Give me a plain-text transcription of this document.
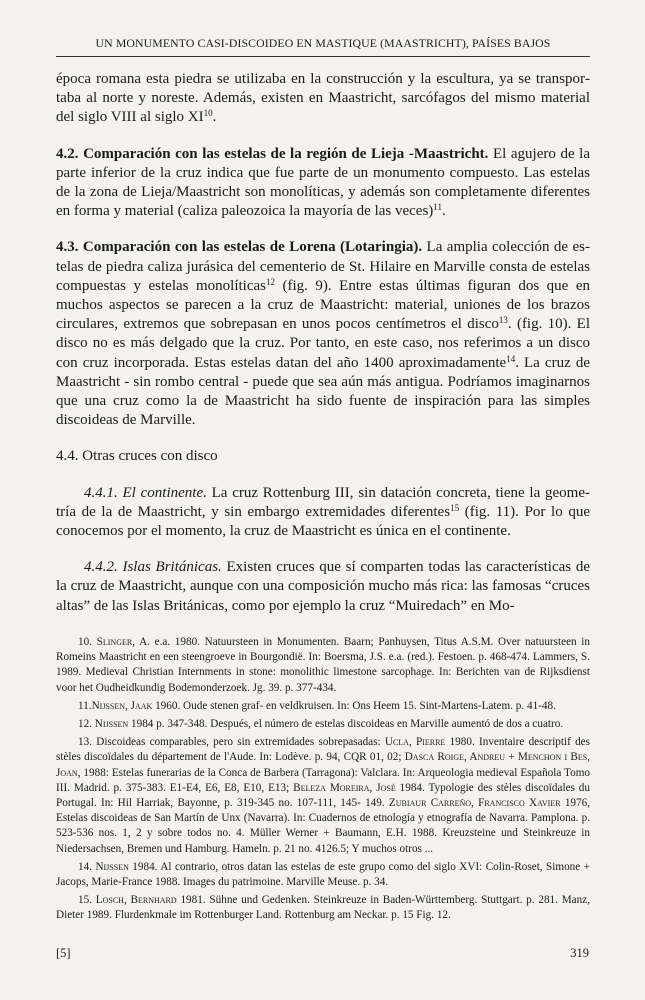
UN MONUMENTO CASI-DISCOIDEO EN MASTIQUE (MAASTRICHT), PAÍSES BAJOS

época romana esta piedra se utilizaba en la construcción y la escultura, ya se transportaba al norte y noreste. Además, existen en Maastricht, sarcófagos del mismo material del siglo VIII al siglo XI$^{10}$.

4.2. Comparación con las estelas de la región de Lieja -Maastricht. El agujero de la parte inferior de la cruz indica que fue parte de un monumento compuesto. Las estelas de la zona de Lieja/Maastricht son monolíticas, y además son completamente diferentes en forma y material (caliza paleozoica la mayoría de las veces)$^{11}$.

4.3. Comparación con las estelas de Lorena (Lotaringia). La amplia colección de estelas de piedra caliza jurásica del cementerio de St. Hilaire en Marville consta de estelas compuestas y estelas monolíticas$^{12}$ (fig. 9). Entre estas últimas figuran dos que en muchos aspectos se parecen a la cruz de Maastricht: material, uniones de los brazos circulares, extremos que sobrepasan en unos pocos centímetros el disco$^{13}$. (fig. 10). El disco no es más delgado que la cruz. Por tanto, en este caso, nos referimos a un disco con cruz incorporada. Estas estelas datan del año 1400 aproximadamente$^{14}$. La cruz de Maastricht - sin rombo central - puede que sea aún más antigua. Podríamos imaginarnos que una cruz como la de Maastricht ha sido fuente de inspiración para las simples discoideas de Marville.

4.4. Otras cruces con disco

4.4.1. El continente. La cruz Rottenburg III, sin datación concreta, tiene la geometría de la de Maastricht, y sin embargo extremidades diferentes$^{15}$ (fig. 11). Por lo que conocemos por el momento, la cruz de Maastricht es única en el continente.

4.4.2. Islas Británicas. Existen cruces que sí comparten todas las características de la cruz de Maastricht, aunque con una composición mucho más rica: las famosas “cruces altas” de las Islas Británicas, como por ejemplo la cruz “Muiredach” en Mo-

10. Slinger, A. e.a. 1980. Natuursteen in Monumenten. Baarn; Panhuysen, Titus A.S.M. Over natuursteen in Romeins Maastricht en een steengroeve in Bourgondië. In: Boersma, J.S. e.a. (red.). Festoen. p. 468-474. Lammers, S. 1989. Medieval Christian Internments in stone: monolithic limestone sarcophage. In: Berichten van de Rijksdienst voor het Oudheidkundig Bodemonderzoek. Jg. 39. p. 377-434.

11.Nijssen, Jaak 1960. Oude stenen graf- en veldkruisen. In: Ons Heem 15. Sint-Martens-Latem. p. 41-48.

12. Nijssen 1984 p. 347-348. Después, el número de estelas discoideas en Marville aumentó de dos a cuatro.

13. Discoideas comparables, pero sin extremidades sobrepasadas: Ucla, Pierre 1980. Inventaire descriptif des stèles discoïdales du département de l'Aude. In: Lodève. p. 94, CQR 01, 02; Dasca Roige, Andreu + Menchon i Bes, Joan, 1988: Estelas funerarias de la Conca de Barbera (Tarragona): Valclara. In: Arqueologia medieval Española Tomo III. Madrid. p. 375-383. E1-E4, E6, E8, E10, E13; Beleza Moreira, José 1984. Typologie des stèles discoïdales du Portugal. In: Hil Harriak, Bayonne, p. 319-345 no. 107-111, 145- 149. Zubiaur Carreño, Francisco Xavier 1976, Estelas discoideas de San Martín de Unx (Navarra). In: Cuadernos de etnología y etnografía de Navarra. Pamplona. p. 523-536 nos. 1, 2 y sobre todos no. 4. Müller Werner + Baumann, E.H. 1988. Kreuzsteine und Steinkreuze in Niedersachsen, Bremen und Hamburg. Hameln. p. 21 no. 4126.5; Y muchos otros ...

14. Nijssen 1984. Al contrario, otros datan las estelas de este grupo como del siglo XVI: Colin-Roset, Simone + Jacops, Marie-France 1988. Images du patrimoine. Marville Meuse. p. 34.

15. Losch, Bernhard 1981. Sühne und Gedenken. Steinkreuze in Baden-Württemberg. Stuttgart. p. 281. Manz, Dieter 1989. Flurdenkmale im Rottenburger Land. Rottenburg am Neckar. p. 15 Fig. 12.

[5]	319
